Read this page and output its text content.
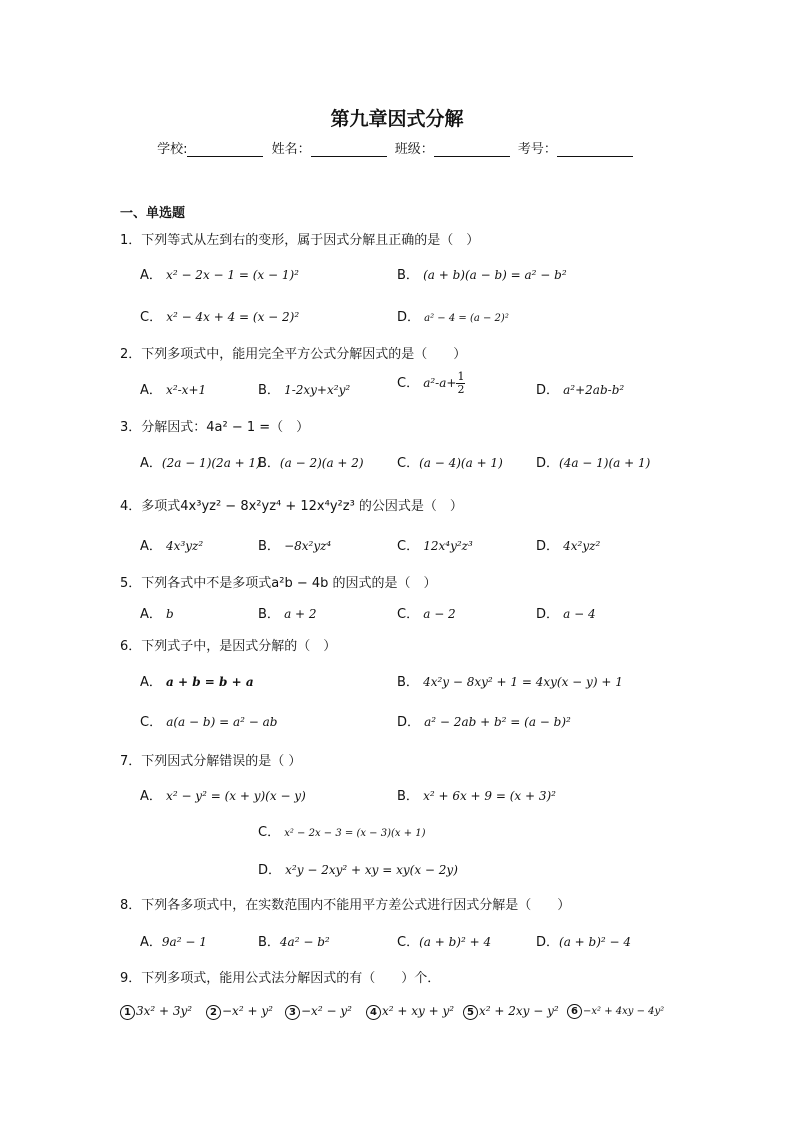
第九章因式分解
学校:	姓名：	班级：	考号：
一、单选题
1．下列等式从左到右的变形，属于因式分解且正确的是（　）
A． x² − 2x − 1 = (x − 1)²	B． (a + b)(a − b) = a² − b²
C． x² − 4x + 4 = (x − 2)²	D． a² − 4 = (a − 2)²
2．下列多项式中，能用完全平方公式分解因式的是（　　）
A． x²-x+1	B． 1-2xy+x²y²	C． $a^2-a+ \frac{1}{2}$	D． a²+2ab-b²
3．分解因式：4a² − 1 =（　）
A．(2a − 1)(2a + 1)
B．(a − 2)(a + 2)	C．(a − 4)(a + 1)	D．(4a − 1)(a + 1)
4．多项式4x³yz² − 8x²yz⁴ + 12x⁴y²z³ 的公因式是（　）
A． 4x³yz²	B． −8x²yz⁴	C． 12x⁴y²z³	D． 4x²yz²
5．下列各式中不是多项式a²b − 4b 的因式的是（　）
A． b	B． a + 2	C． a − 2	D． a − 4
6．下列式子中，是因式分解的（　）
A． a + b = b + a	B． 4x²y − 8xy² + 1 = 4xy(x − y) + 1
C． a(a − b) = a² − ab	D． a² − 2ab + b² = (a − b)²
7．下列因式分解错误的是（ ）
A． x² − y² = (x + y)(x − y)	B． x² + 6x + 9 = (x + 3)²
C． x² − 2x − 3 = (x − 3)(x + 1)
D． x²y − 2xy² + xy = xy(x − 2y)
8．下列各多项式中，在实数范围内不能用平方差公式进行因式分解是（　　）
A．9a² − 1	B．4a² − b²	C．(a + b)² + 4	D．(a + b)² − 4
9．下列多项式，能用公式法分解因式的有（　　）个．
1 3x² + 3y²	2 −x² + y²	3 −x² − y²	4 x² + xy + y²	5 x² + 2xy − y²	6 −x² + 4xy − 4y²
